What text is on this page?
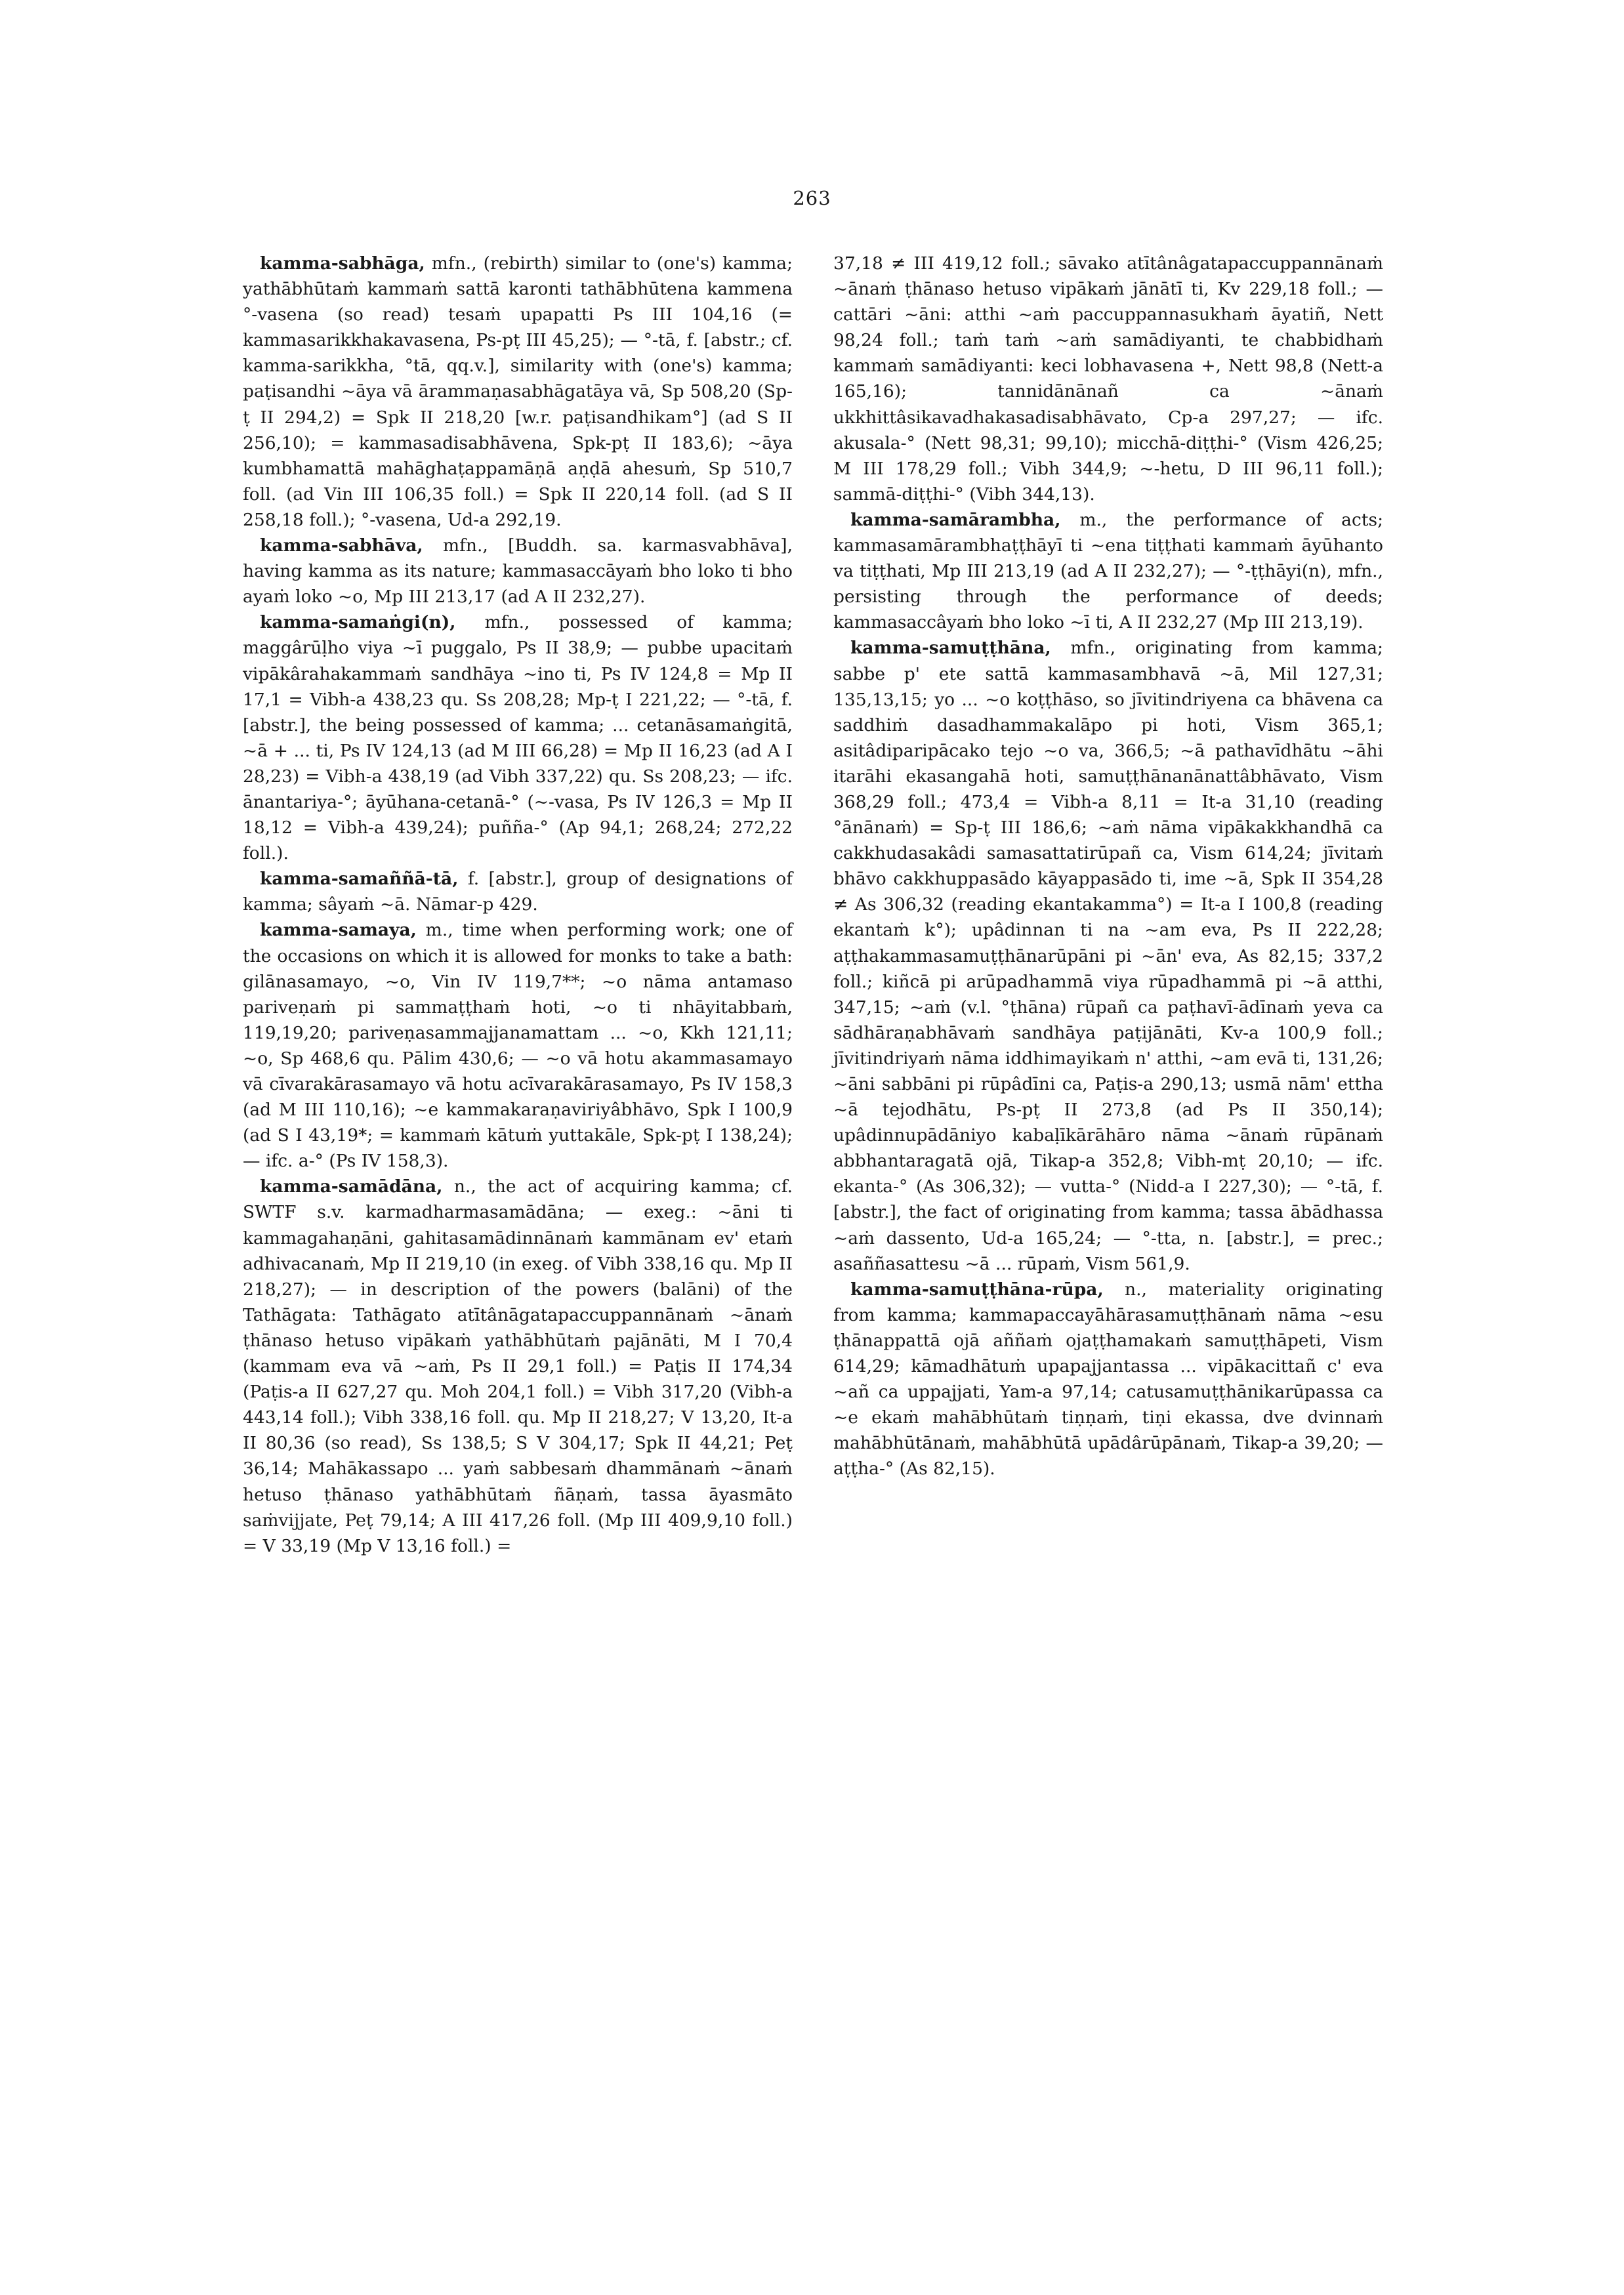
263

kamma-sabhāga, mfn., (rebirth) similar to (one's) kamma; yathābhūtaṁ kammaṁ sattā karonti tathābhūtena kammena °-vasena (so read) tesaṁ upapatti Ps III 104,16 (= kammasarikkhakavasena, Ps-pṭ III 45,25); — °-tā, f. [abstr.; cf. kamma-sarikkha, °tā, qq.v.], similarity with (one's) kamma; paṭisandhi ~āya vā ārammaṇasabhāgatāya vā, Sp 508,20 (Sp-ṭ II 294,2) = Spk II 218,20 [w.r. paṭisandhikam°] (ad S II 256,10); = kammasadisabhāvena, Spk-pṭ II 183,6); ~āya kumbhamattā mahāghaṭappamāṇā aṇḍā ahesuṁ, Sp 510,7 foll. (ad Vin III 106,35 foll.) = Spk II 220,14 foll. (ad S II 258,18 foll.); °-vasena, Ud-a 292,19.

kamma-sabhāva, mfn., [Buddh. sa. karmasvabhāva], having kamma as its nature; kammasaccāyaṁ bho loko ti bho ayaṁ loko ~o, Mp III 213,17 (ad A II 232,27).

kamma-samaṅgi(n), mfn., possessed of kamma; maggârūḷho viya ~ī puggalo, Ps II 38,9; — pubbe upacitaṁ vipākârahakammaṁ sandhāya ~ino ti, Ps IV 124,8 = Mp II 17,1 = Vibh-a 438,23 qu. Ss 208,28; Mp-ṭ I 221,22; — °-tā, f. [abstr.], the being possessed of kamma; ... cetanāsamaṅgitā, ~ā + ... ti, Ps IV 124,13 (ad M III 66,28) = Mp II 16,23 (ad A I 28,23) = Vibh-a 438,19 (ad Vibh 337,22) qu. Ss 208,23; — ifc. ānantariya-°; āyūhana-cetanā-° (~-vasa, Ps IV 126,3 = Mp II 18,12 = Vibh-a 439,24); puñña-° (Ap 94,1; 268,24; 272,22 foll.).

kamma-samaññā-tā, f. [abstr.], group of designations of kamma; sâyaṁ ~ā. Nāmar-p 429.

kamma-samaya, m., time when performing work; one of the occasions on which it is allowed for monks to take a bath: gilānasamayo, ~o, Vin IV 119,7**; ~o nāma antamaso pariveṇaṁ pi sammaṭṭhaṁ hoti, ~o ti nhāyitabbaṁ, 119,19,20; pariveṇasammajjanamattam ... ~o, Kkh 121,11; ~o, Sp 468,6 qu. Pālim 430,6; — ~o vā hotu akammasamayo vā cīvarakārasamayo vā hotu acīvarakārasamayo, Ps IV 158,3 (ad M III 110,16); ~e kammakaraṇaviriyâbhāvo, Spk I 100,9 (ad S I 43,19*; = kammaṁ kātuṁ yuttakāle, Spk-pṭ I 138,24); — ifc. a-° (Ps IV 158,3).

kamma-samādāna, n., the act of acquiring kamma; cf. SWTF s.v. karmadharmasamādāna; — exeg.: ~āni ti kammagahaṇāni, gahitasamādinnānaṁ kammānam ev' etaṁ adhivacanaṁ, Mp II 219,10 (in exeg. of Vibh 338,16 qu. Mp II 218,27); — in description of the powers (balāni) of the Tathāgata: Tathāgato atītânāgatapaccuppannānaṁ ~ānaṁ ṭhānaso hetuso vipākaṁ yathābhūtaṁ pajānāti, M I 70,4 (kammam eva vā ~aṁ, Ps II 29,1 foll.) = Paṭis II 174,34 (Paṭis-a II 627,27 qu. Moh 204,1 foll.) = Vibh 317,20 (Vibh-a 443,14 foll.); Vibh 338,16 foll. qu. Mp II 218,27; V 13,20, It-a II 80,36 (so read), Ss 138,5; S V 304,17; Spk II 44,21; Peṭ 36,14; Mahākassapo ... yaṁ sabbesaṁ dhammānaṁ ~ānaṁ hetuso ṭhānaso yathābhūtaṁ ñāṇaṁ, tassa āyasmāto saṁvijjate, Peṭ 79,14; A III 417,26 foll. (Mp III 409,9,10 foll.) = V 33,19 (Mp V 13,16 foll.) =

37,18 ≠ III 419,12 foll.; sāvako atītânâgatapaccuppannānaṁ ~ānaṁ ṭhānaso hetuso vipākaṁ jānātī ti, Kv 229,18 foll.; — cattāri ~āni: atthi ~aṁ paccuppannasukhaṁ āyatiñ, Nett 98,24 foll.; taṁ taṁ ~aṁ samādiyanti, te chabbidhaṁ kammaṁ samādiyanti: keci lobhavasena +, Nett 98,8 (Nett-a 165,16); tannidānānañ ca ~ānaṁ ukkhittâsikavadhakasadisabhāvato, Cp-a 297,27; — ifc. akusala-° (Nett 98,31; 99,10); micchā-diṭṭhi-° (Vism 426,25; M III 178,29 foll.; Vibh 344,9; ~-hetu, D III 96,11 foll.); sammā-diṭṭhi-° (Vibh 344,13).

kamma-samārambha, m., the performance of acts; kammasamārambhaṭṭhāyī ti ~ena tiṭṭhati kammaṁ āyūhanto va tiṭṭhati, Mp III 213,19 (ad A II 232,27); — °-ṭṭhāyi(n), mfn., persisting through the performance of deeds; kammasaccâyaṁ bho loko ~ī ti, A II 232,27 (Mp III 213,19).

kamma-samuṭṭhāna, mfn., originating from kamma; sabbe p' ete sattā kammasambhavā ~ā, Mil 127,31; 135,13,15; yo ... ~o koṭṭhāso, so jīvitindriyena ca bhāvena ca saddhiṁ dasadhammakalāpo pi hoti, Vism 365,1; asitâdiparipācako tejo ~o va, 366,5; ~ā pathavīdhātu ~āhi itarāhi ekasangahā hoti, samuṭṭhānanānattâbhāvato, Vism 368,29 foll.; 473,4 = Vibh-a 8,11 = It-a 31,10 (reading °ānānaṁ) = Sp-ṭ III 186,6; ~aṁ nāma vipākakkhandhā ca cakkhudasakâdi samasattatirūpañ ca, Vism 614,24; jīvitaṁ bhāvo cakkhuppasādo kāyappasādo ti, ime ~ā, Spk II 354,28 ≠ As 306,32 (reading ekantakamma°) = It-a I 100,8 (reading ekantaṁ k°); upâdinnan ti na ~am eva, Ps II 222,28; aṭṭhakammasamuṭṭhānarūpāni pi ~ān' eva, As 82,15; 337,2 foll.; kiñcā pi arūpadhammā viya rūpadhammā pi ~ā atthi, 347,15; ~aṁ (v.l. °ṭhāna) rūpañ ca paṭhavī-ādīnaṁ yeva ca sādhāraṇabhāvaṁ sandhāya paṭijānāti, Kv-a 100,9 foll.; jīvitindriyaṁ nāma iddhimayikaṁ n' atthi, ~am evā ti, 131,26; ~āni sabbāni pi rūpâdīni ca, Paṭis-a 290,13; usmā nām' ettha ~ā tejodhātu, Ps-pṭ II 273,8 (ad Ps II 350,14); upâdinnupādāniyo kabaḷīkārāhāro nāma ~ānaṁ rūpānaṁ abbhantaragatā ojā, Tikap-a 352,8; Vibh-mṭ 20,10; — ifc. ekanta-° (As 306,32); — vutta-° (Nidd-a I 227,30); — °-tā, f. [abstr.], the fact of originating from kamma; tassa ābādhassa ~aṁ dassento, Ud-a 165,24; — °-tta, n. [abstr.], = prec.; asaññasattesu ~ā ... rūpaṁ, Vism 561,9.

kamma-samuṭṭhāna-rūpa, n., materiality originating from kamma; kammapaccayāhārasamuṭṭhānaṁ nāma ~esu ṭhānappattā ojā aññaṁ ojaṭṭhamakaṁ samuṭṭhāpeti, Vism 614,29; kāmadhātuṁ upapajjantassa ... vipākacittañ c' eva ~añ ca uppajjati, Yam-a 97,14; catusamuṭṭhānikarūpassa ca ~e ekaṁ mahābhūtaṁ tiṇṇaṁ, tiṇi ekassa, dve dvinnaṁ mahābhūtānaṁ, mahābhūtā upādârūpānaṁ, Tikap-a 39,20; — aṭṭha-° (As 82,15).
